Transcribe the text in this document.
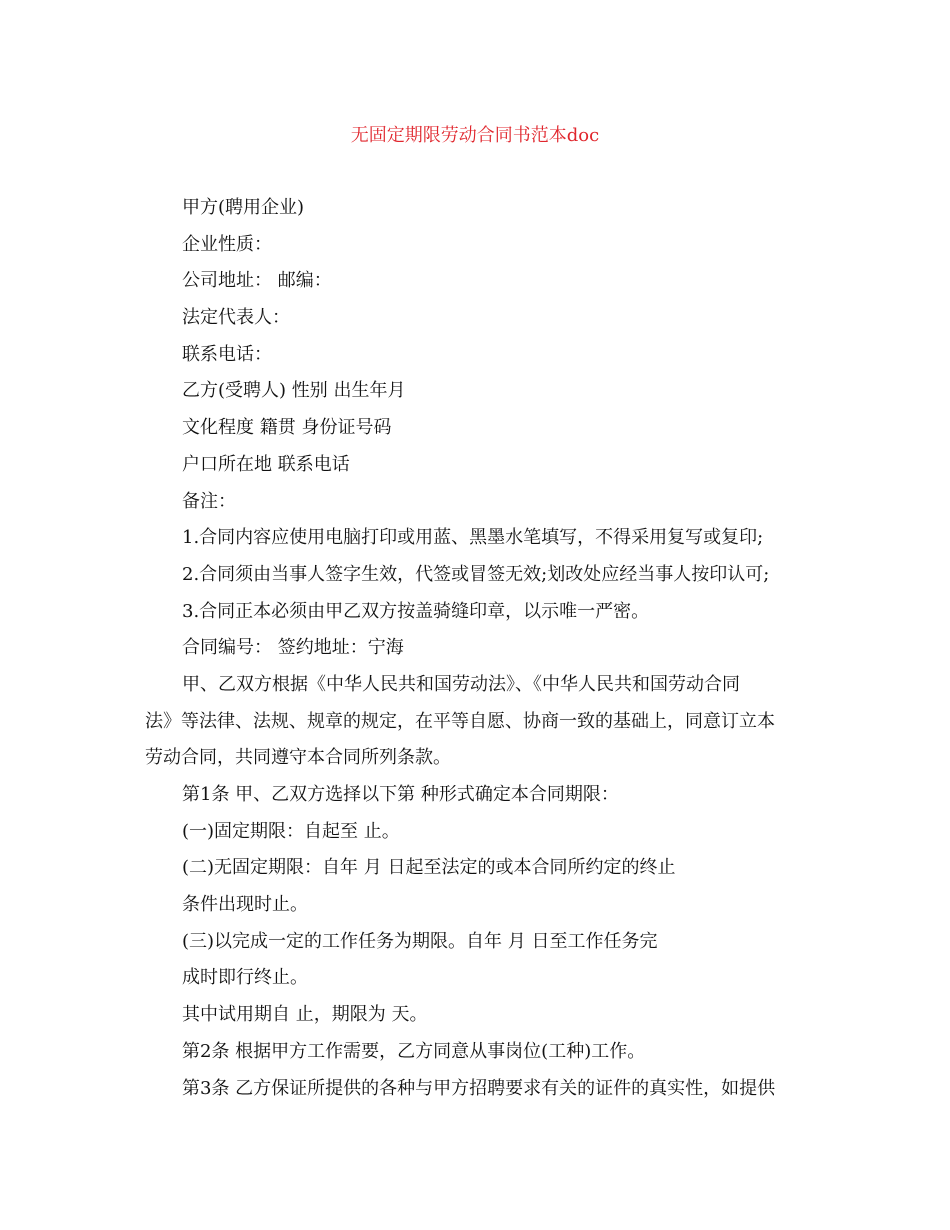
无固定期限劳动合同书范本doc
甲方(聘用企业)
企业性质：
公司地址： 邮编：
法定代表人：
联系电话：
乙方(受聘人) 性别 出生年月
文化程度 籍贯 身份证号码
户口所在地 联系电话
备注：
1.合同内容应使用电脑打印或用蓝、黑墨水笔填写，不得采用复写或复印;
2.合同须由当事人签字生效，代签或冒签无效;划改处应经当事人按印认可;
3.合同正本必须由甲乙双方按盖骑缝印章，以示唯一严密。
合同编号： 签约地址：宁海
甲、乙双方根据《中华人民共和国劳动法》、《中华人民共和国劳动合同
法》等法律、法规、规章的规定，在平等自愿、协商一致的基础上，同意订立本
劳动合同，共同遵守本合同所列条款。
第1条 甲、乙双方选择以下第 种形式确定本合同期限：
(一)固定期限：自起至 止。
(二)无固定期限：自年 月 日起至法定的或本合同所约定的终止
条件出现时止。
(三)以完成一定的工作任务为期限。自年 月 日至工作任务完
成时即行终止。
其中试用期自 止，期限为 天。
第2条 根据甲方工作需要，乙方同意从事岗位(工种)工作。
第3条 乙方保证所提供的各种与甲方招聘要求有关的证件的真实性，如提供
